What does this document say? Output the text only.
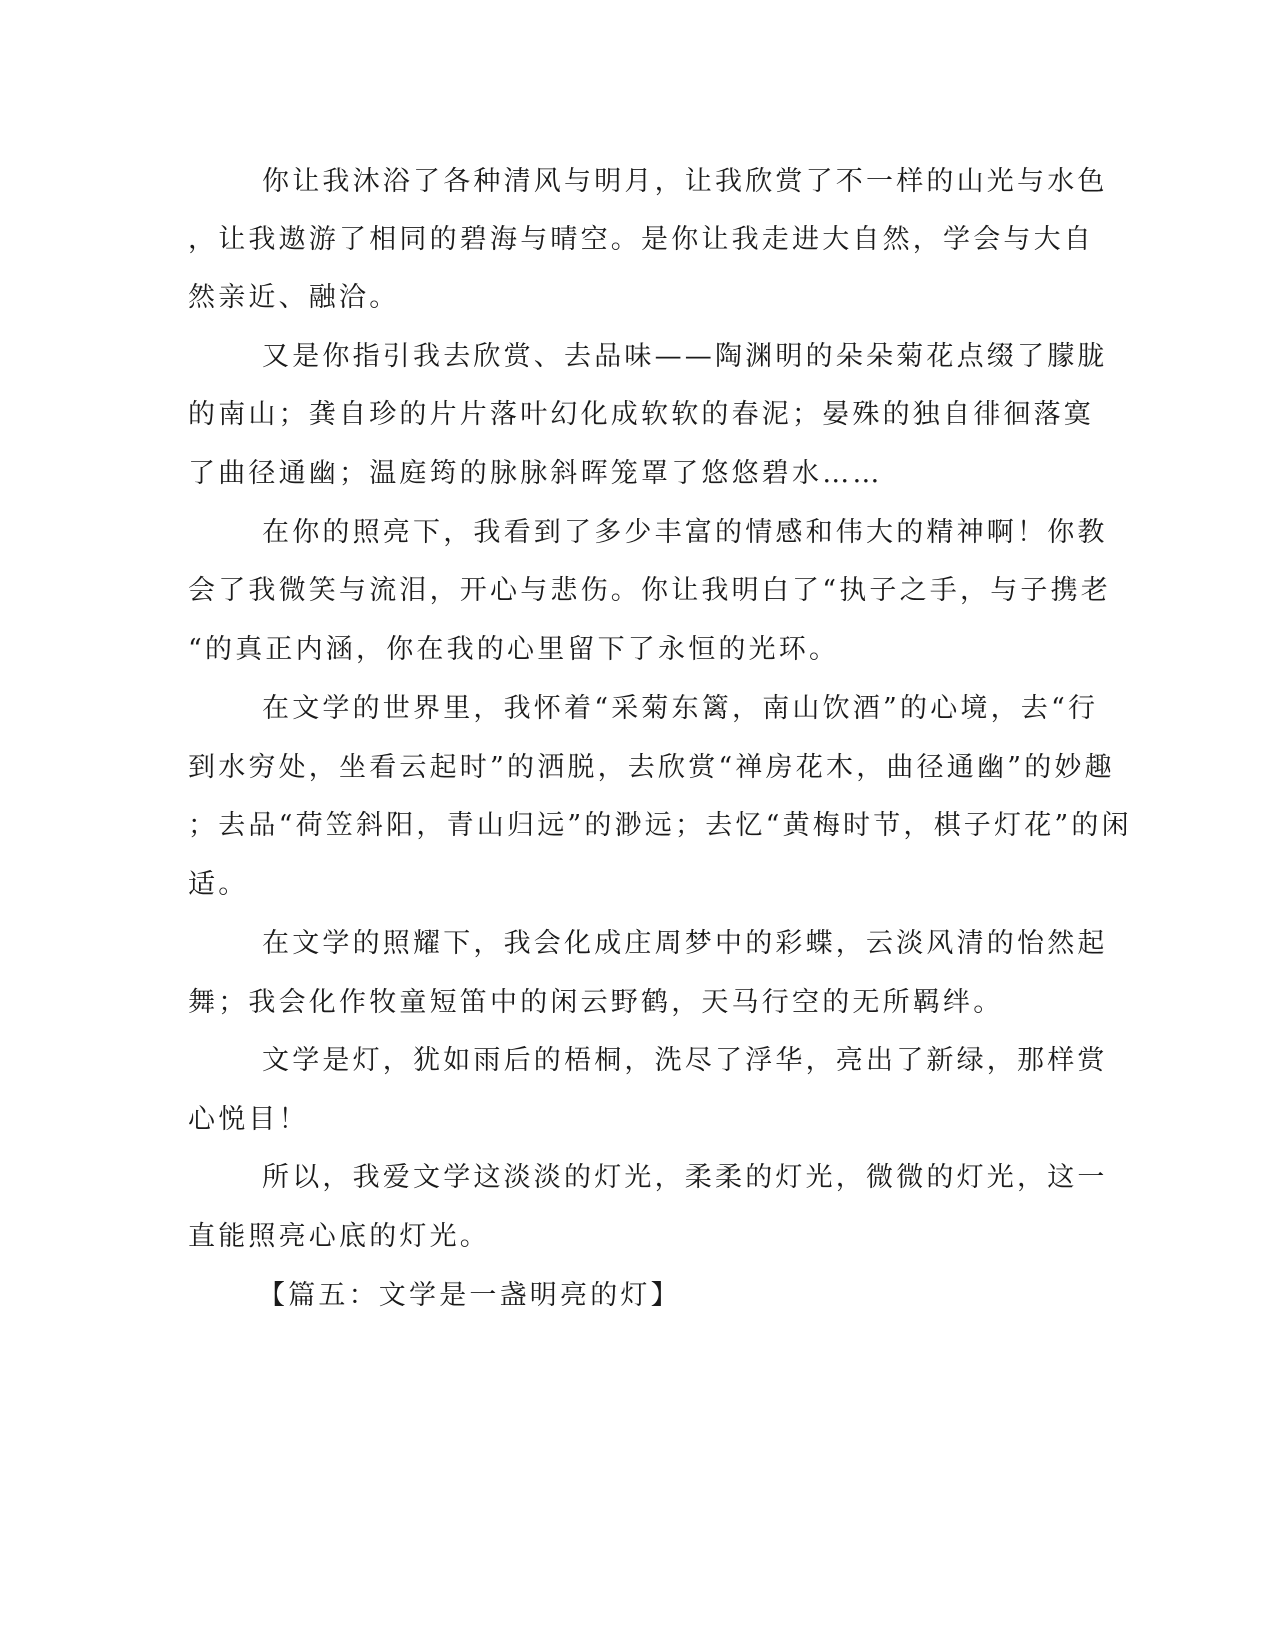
你让我沐浴了各种清风与明月，让我欣赏了不一样的山光与水色
，让我遨游了相同的碧海与晴空。是你让我走进大自然，学会与大自
然亲近、融洽。
又是你指引我去欣赏、去品味——陶渊明的朵朵菊花点缀了朦胧
的南山；龚自珍的片片落叶幻化成软软的春泥；晏殊的独自徘徊落寞
了曲径通幽；温庭筠的脉脉斜晖笼罩了悠悠碧水……
在你的照亮下，我看到了多少丰富的情感和伟大的精神啊！你教
会了我微笑与流泪，开心与悲伤。你让我明白了“执子之手，与子携老
“的真正内涵，你在我的心里留下了永恒的光环。
在文学的世界里，我怀着“采菊东篱，南山饮酒”的心境，去“行
到水穷处，坐看云起时”的洒脱，去欣赏“禅房花木，曲径通幽”的妙趣
；去品“荷笠斜阳，青山归远”的渺远；去忆“黄梅时节，棋子灯花”的闲
适。
在文学的照耀下，我会化成庄周梦中的彩蝶，云淡风清的怡然起
舞；我会化作牧童短笛中的闲云野鹤，天马行空的无所羁绊。
文学是灯，犹如雨后的梧桐，洗尽了浮华，亮出了新绿，那样赏
心悦目！
所以，我爱文学这淡淡的灯光，柔柔的灯光，微微的灯光，这一
直能照亮心底的灯光。
【篇五：文学是一盏明亮的灯】
